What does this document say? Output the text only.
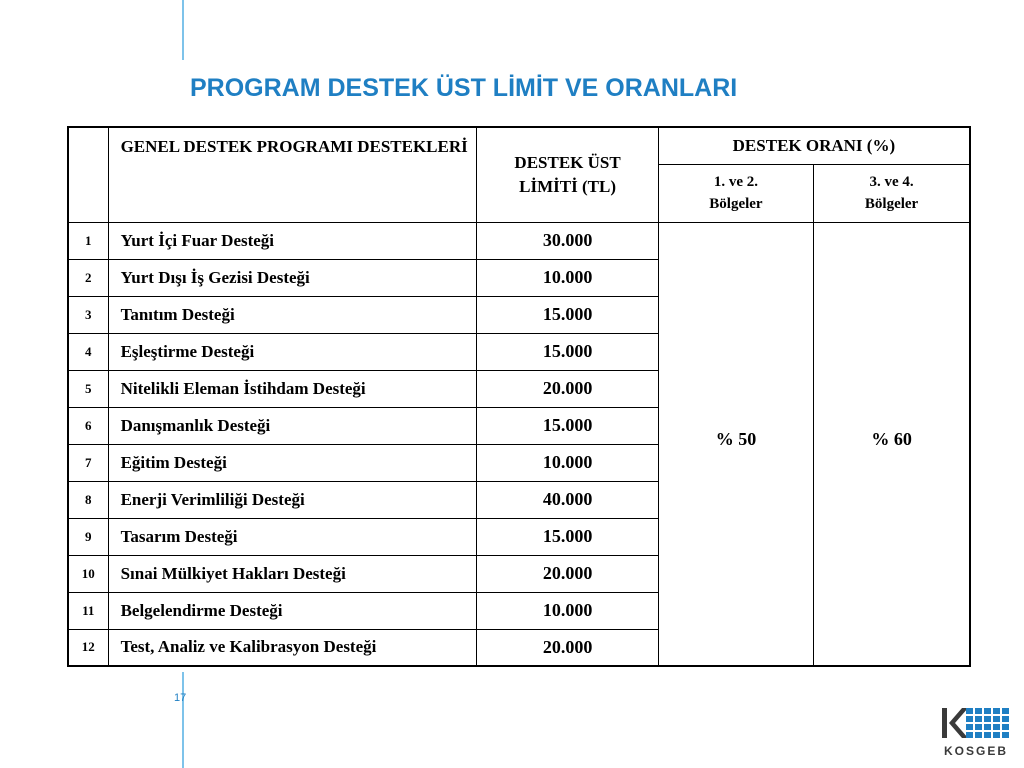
PROGRAM DESTEK ÜST LİMİT VE ORANLARI
	GENEL DESTEK PROGRAMI DESTEKLERİ	DESTEK ÜST LİMİTİ (TL)	DESTEK ORANI (%)	

			1. ve 2. Bölgeler	3. ve 4. Bölgeler

1	Yurt İçi Fuar Desteği	30.000	% 50	% 60
2	Yurt Dışı İş Gezisi Desteği	10.000		
3	Tanıtım Desteği	15.000		
4	Eşleştirme Desteği	15.000		
5	Nitelikli Eleman İstihdam Desteği	20.000		
6	Danışmanlık Desteği	15.000		
7	Eğitim Desteği	10.000		
8	Enerji Verimliliği Desteği	40.000		
9	Tasarım Desteği	15.000		
10	Sınai Mülkiyet Hakları Desteği	20.000		
11	Belgelendirme Desteği	10.000		
12	Test, Analiz ve Kalibrasyon Desteği	20.000		
17
KOSGEB
